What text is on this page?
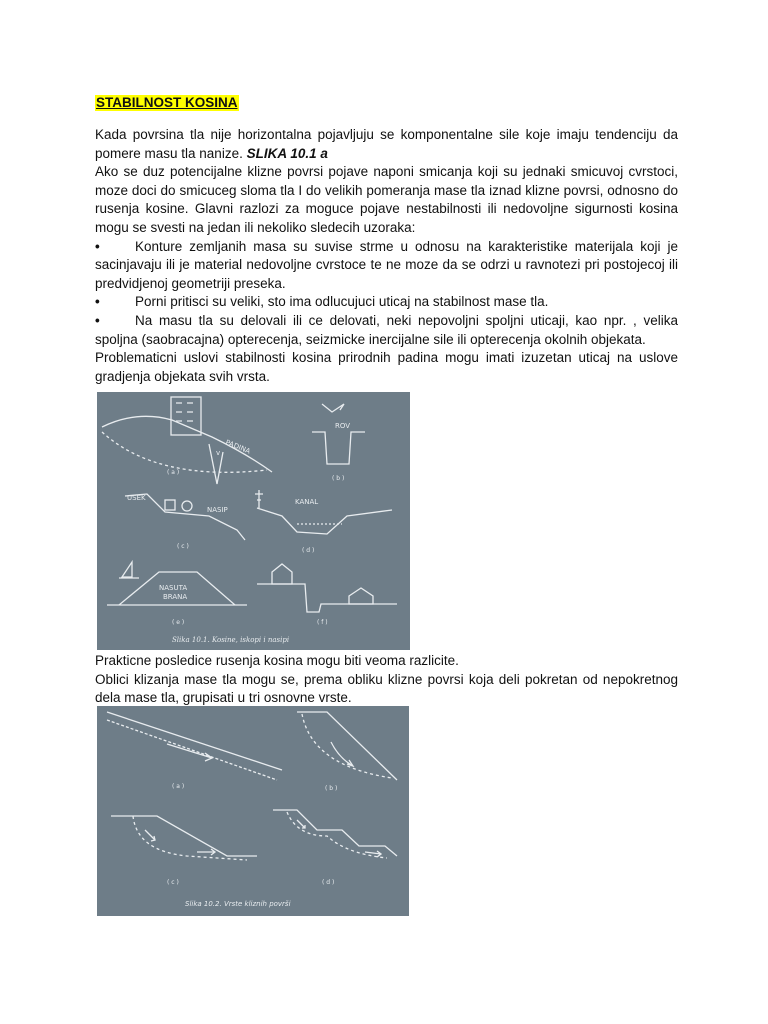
STABILNOST KOSINA

Kada povrsina tla nije horizontalna pojavljuju se komponentalne sile koje imaju tendenciju da pomere masu tla nanize. SLIKA 10.1 a

Ako se duz potencijalne klizne povrsi pojave naponi smicanja koji su jednaki smicuvoj cvrstoci, moze doci do smicuceg sloma tla I do velikih pomeranja mase tla iznad klizne povrsi, odnosno do rusenja kosine. Glavni razlozi za moguce pojave nestabilnosti ili nedovoljne sigurnosti kosina mogu se svesti na jedan ili nekoliko sledecih uzoraka:

•	Konture zemljanih masa su suvise strme u odnosu na karakteristike materijala koji je sacinjavaju ili je material nedovoljne cvrstoce te ne moze da se odrzi u ravnotezi pri postojecoj ili predvidjenoj geometriji preseka.

•	Porni pritisci su veliki, sto ima odlucujuci uticaj na stabilnost mase tla.

•	Na masu tla su delovali ili ce delovati, neki nepovoljni spoljni uticaji, kao npr. , velika spoljna (saobracajna) opterecenja, seizmicke inercijalne sile ili opterecenja okolnih objekata.

Problematicni uslovi stabilnosti kosina prirodnih padina mogu imati izuzetan uticaj na uslove gradjenja objekata svih vrsta.

v PADINA
( a )
ROV
( b )
USEK
NASIP
( c )
KANAL
( d )
NASUTA
BRANA
( e )	( f )
Slika 10.1. Kosine, iskopi i nasipi

Prakticne posledice rusenja kosina mogu biti veoma razlicite.

Oblici klizanja mase tla mogu se, prema obliku klizne povrsi koja deli pokretan od nepokretnog dela mase tla, grupisati u tri osnovne vrste.

( a )	( b )
( c )	( d )
Slika 10.2. Vrste kliznih površi
